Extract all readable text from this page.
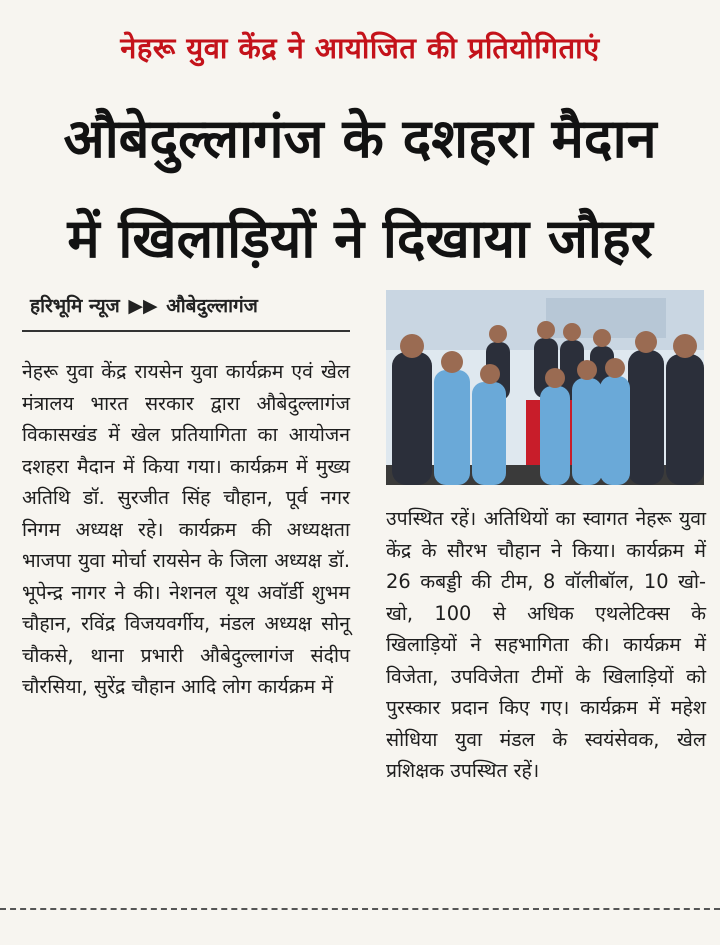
नेहरू युवा केंद्र ने आयोजित की प्रतियोगिताएं
औबेदुल्लागंज के दशहरा मैदान
में खिलाड़ियों ने दिखाया जौहर
हरिभूमि न्यूज ▶▶ औबेदुल्लागंज

नेहरू युवा केंद्र रायसेन युवा कार्यक्रम एवं खेल मंत्रालय भारत सरकार द्वारा औबेदुल्लागंज विकासखंड में खेल प्रतियागिता का आयोजन दशहरा मैदान में किया गया। कार्यक्रम में मुख्य अतिथि डॉ. सुरजीत सिंह चौहान, पूर्व नगर निगम अध्यक्ष रहे। कार्यक्रम की अध्यक्षता भाजपा युवा मोर्चा रायसेन के जिला अध्यक्ष डॉ. भूपेन्द्र नागर ने की। नेशनल यूथ अवॉर्डी शुभम चौहान, रविंद्र विजयवर्गीय, मंडल अध्यक्ष सोनू चौकसे, थाना प्रभारी औबेदुल्लागंज संदीप चौरसिया, सुरेंद्र चौहान आदि लोग कार्यक्रम में

उपस्थित रहें। अतिथियों का स्वागत नेहरू युवा केंद्र के सौरभ चौहान ने किया। कार्यक्रम में 26 कबड्डी की टीम, 8 वॉलीबॉल, 10 खो-खो, 100 से अधिक एथलेटिक्स के खिलाड़ियों ने सहभागिता की। कार्यक्रम में विजेता, उपविजेता टीमों के खिलाड़ियों को पुरस्कार प्रदान किए गए। कार्यक्रम में महेश सोधिया युवा मंडल के स्वयंसेवक, खेल प्रशिक्षक उपस्थित रहें।
